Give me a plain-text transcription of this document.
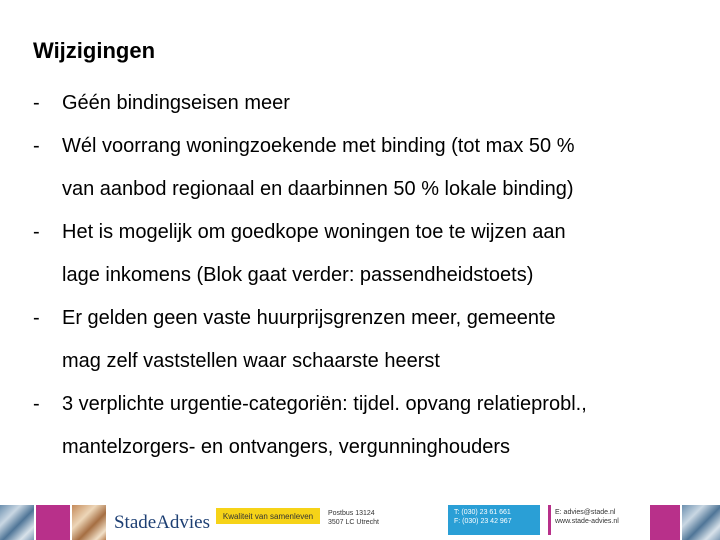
Wijzigingen
- Géén bindingseisen meer
- Wél voorrang woningzoekende met binding (tot max 50 %
van aanbod regionaal en daarbinnen 50 % lokale binding)
- Het is mogelijk om goedkope woningen toe te wijzen aan
lage inkomens (Blok gaat verder: passendheidstoets)
- Er gelden geen vaste huurprijsgrenzen meer, gemeente
mag zelf vaststellen waar schaarste heerst
- 3 verplichte urgentie-categoriën: tijdel. opvang relatieprobl.,
mantelzorgers- en ontvangers, vergunninghouders
StadeAdvies	Kwaliteit van samenleven	Postbus 13124
3507 LC Utrecht
T: (030) 23 61 661
F: (030) 23 42 967
E: advies@stade.nl
www.stade-advies.nl
